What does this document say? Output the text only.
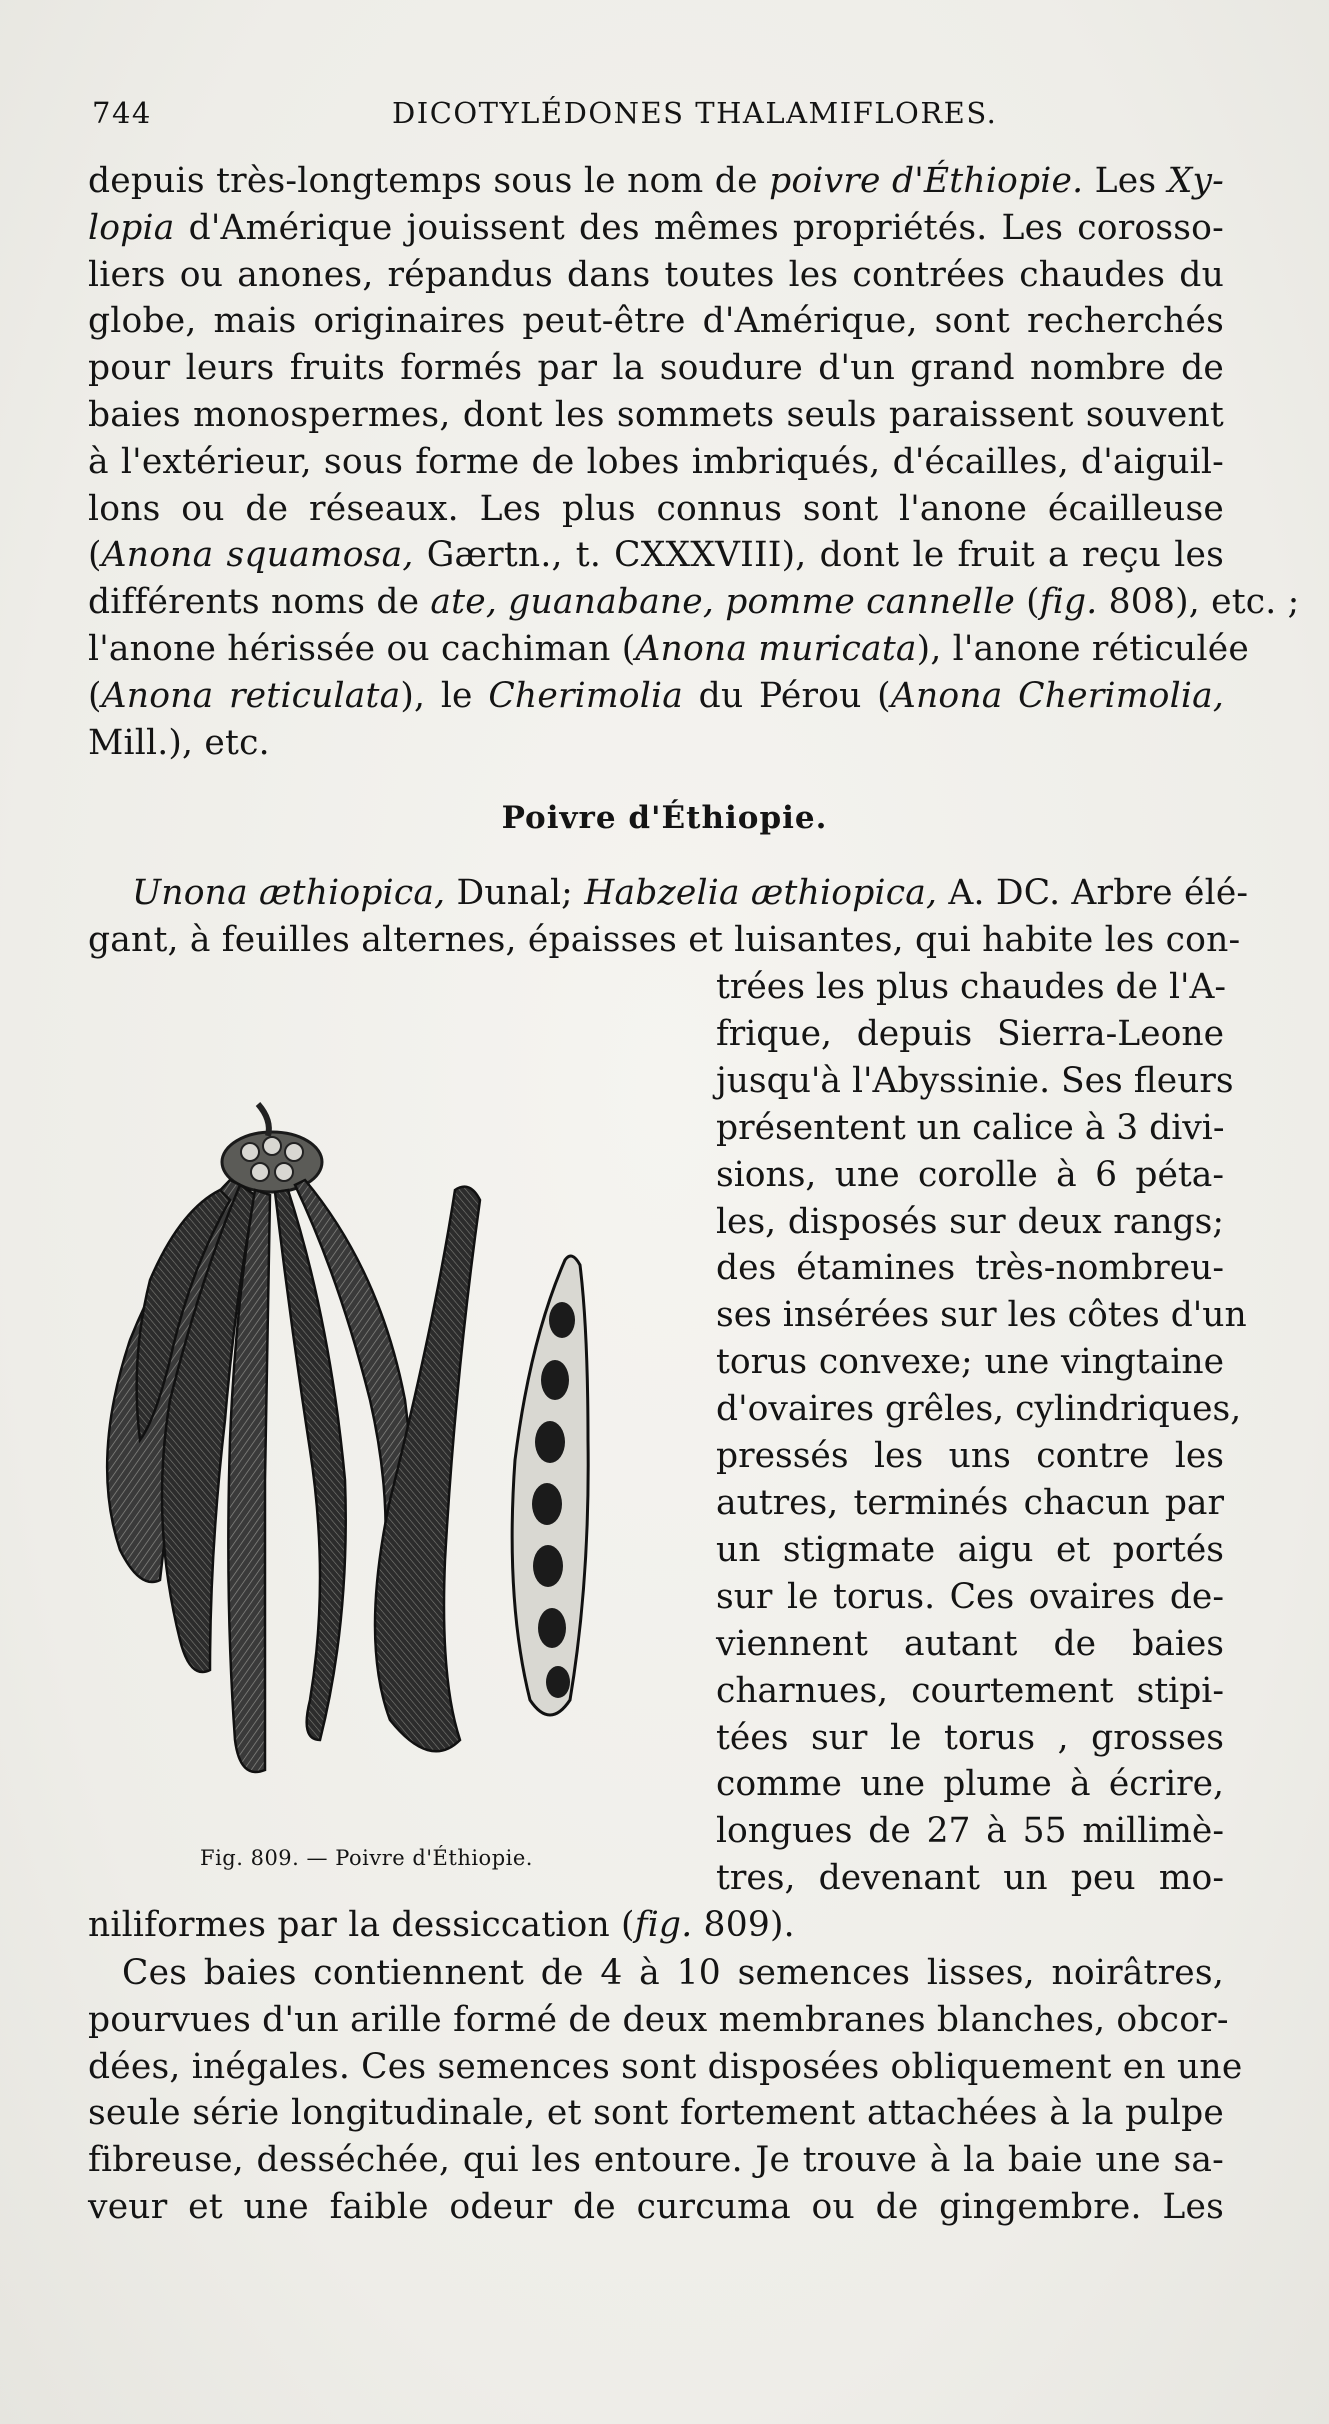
744	DICOTYLÉDONES THALAMIFLORES.
depuis très-longtemps sous le nom de poivre d'Éthiopie. Les Xy-
lopia d'Amérique jouissent des mêmes propriétés. Les corosso-
liers ou anones, répandus dans toutes les contrées chaudes du
globe, mais originaires peut-être d'Amérique, sont recherchés
pour leurs fruits formés par la soudure d'un grand nombre de
baies monospermes, dont les sommets seuls paraissent souvent
à l'extérieur, sous forme de lobes imbriqués, d'écailles, d'aiguil-
lons ou de réseaux. Les plus connus sont l'anone écailleuse
(Anona squamosa, Gærtn., t. CXXXVIII), dont le fruit a reçu les
différents noms de ate, guanabane, pomme cannelle (fig. 808), etc. ;
l'anone hérissée ou cachiman (Anona muricata), l'anone réticulée
(Anona reticulata), le Cherimolia du Pérou (Anona Cherimolia,
Mill.), etc.
Poivre d'Éthiopie.
Unona æthiopica, Dunal; Habzelia æthiopica, A. DC. Arbre élé-
gant, à feuilles alternes, épaisses et luisantes, qui habite les con-
trées les plus chaudes de l'A-
frique, depuis Sierra-Leone
jusqu'à l'Abyssinie. Ses fleurs
présentent un calice à 3 divi-
sions, une corolle à 6 péta-
les, disposés sur deux rangs;
des étamines très-nombreu-
ses insérées sur les côtes d'un
torus convexe; une vingtaine
d'ovaires grêles, cylindriques,
pressés les uns contre les
autres, terminés chacun par
un stigmate aigu et portés
sur le torus. Ces ovaires de-
viennent autant de baies
charnues, courtement stipi-
tées sur le torus , grosses
comme une plume à écrire,
longues de 27 à 55 millimè-
tres, devenant un peu mo-
Fig. 809. — Poivre d'Éthiopie.
niliformes par la dessiccation (fig. 809).
Ces baies contiennent de 4 à 10 semences lisses, noirâtres,
pourvues d'un arille formé de deux membranes blanches, obcor-
dées, inégales. Ces semences sont disposées obliquement en une
seule série longitudinale, et sont fortement attachées à la pulpe
fibreuse, desséchée, qui les entoure. Je trouve à la baie une sa-
veur et une faible odeur de curcuma ou de gingembre. Les
